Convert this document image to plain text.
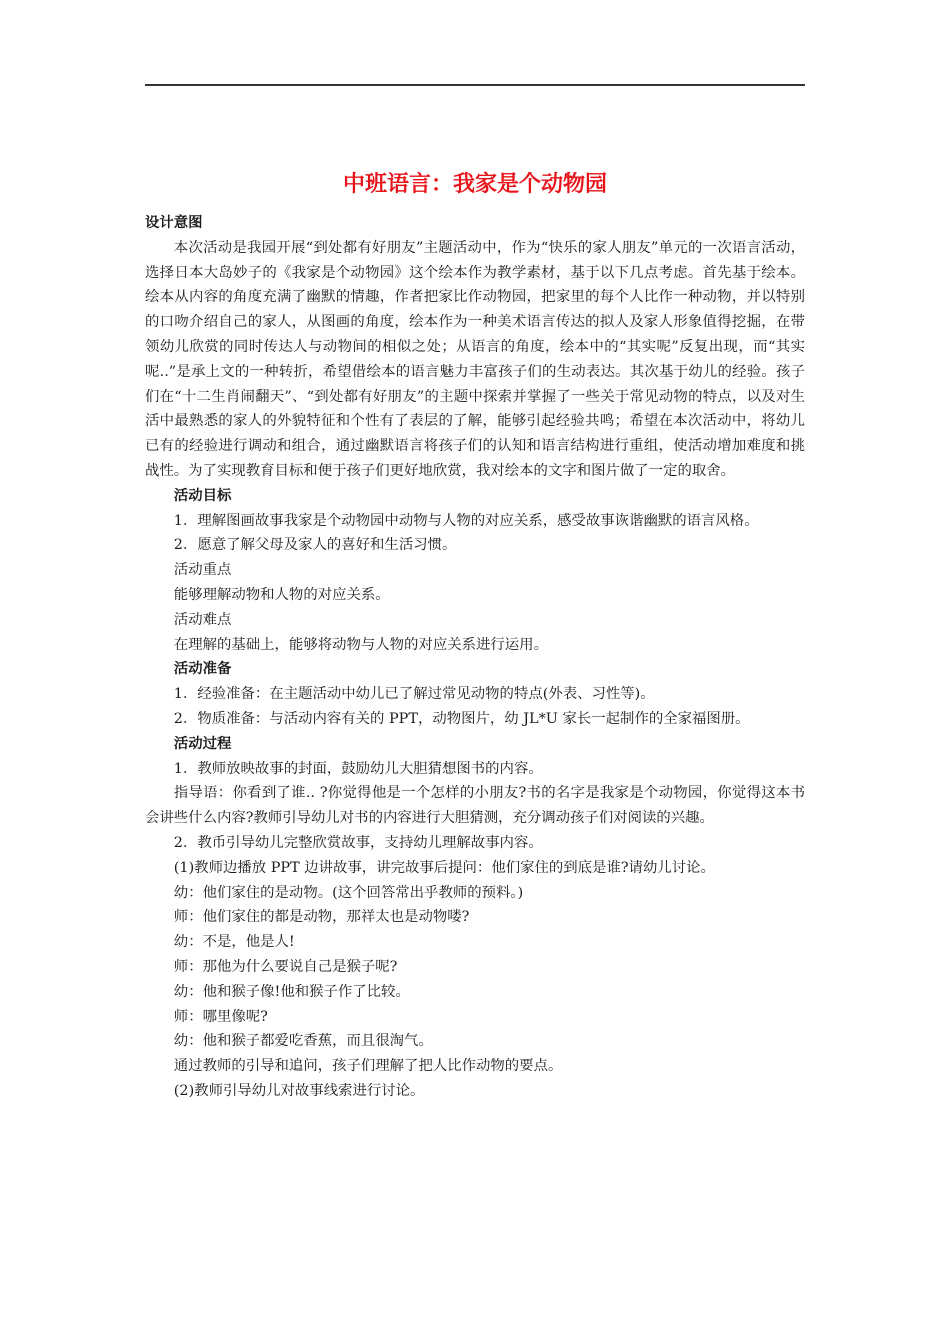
中班语言：我家是个动物园

设计意图

本次活动是我园开展“到处都有好朋友”主题活动中，作为“快乐的家人朋友”单元的一次语言活动，选择日本大岛妙子的《我家是个动物园》这个绘本作为教学素材，基于以下几点考虑。首先基于绘本。绘本从内容的角度充满了幽默的情趣，作者把家比作动物园，把家里的每个人比作一种动物，并以特别的口吻介绍自己的家人，从图画的角度，绘本作为一种美术语言传达的拟人及家人形象值得挖掘，在带领幼儿欣赏的同时传达人与动物间的相似之处；从语言的角度，绘本中的“其实呢”反复出现，而“其实呢..”是承上文的一种转折，希望借绘本的语言魅力丰富孩子们的生动表达。其次基于幼儿的经验。孩子们在“十二生肖闹翻天”、“到处都有好朋友”的主题中探索并掌握了一些关于常见动物的特点，以及对生活中最熟悉的家人的外貌特征和个性有了表层的了解，能够引起经验共鸣；希望在本次活动中，将幼儿已有的经验进行调动和组合，通过幽默语言将孩子们的认知和语言结构进行重组，使活动增加难度和挑战性。为了实现教育目标和便于孩子们更好地欣赏，我对绘本的文字和图片做了一定的取舍。

活动目标

1．理解图画故事我家是个动物园中动物与人物的对应关系，感受故事诙谐幽默的语言风格。

2．愿意了解父母及家人的喜好和生活习惯。

活动重点

能够理解动物和人物的对应关系。

活动难点

在理解的基础上，能够将动物与人物的对应关系进行运用。

活动准备

1．经验准备：在主题活动中幼儿已了解过常见动物的特点(外表、习性等)。

2．物质准备：与活动内容有关的 PPT，动物图片，幼 JL*U 家长一起制作的全家福图册。

活动过程

1．教师放映故事的封面，鼓励幼儿大胆猜想图书的内容。

指导语：你看到了谁.. ?你觉得他是一个怎样的小朋友?书的名字是我家是个动物园，你觉得这本书会讲些什么内容?教师引导幼儿对书的内容进行大胆猜测，充分调动孩子们对阅读的兴趣。

2．教币引导幼儿完整欣赏故事，支持幼儿理解故事内容。

(1)教师边播放 PPT 边讲故事，讲完故事后提问：他们家住的到底是谁?请幼儿讨论。

幼：他们家住的是动物。(这个回答常出乎教师的预料。)

师：他们家住的都是动物，那祥太也是动物喽?

幼：不是，他是人!

师：那他为什么要说自己是猴子呢?

幼：他和猴子像!他和猴子作了比较。

师：哪里像呢?

幼：他和猴子都爱吃香蕉，而且很淘气。

通过教师的引导和追问，孩子们理解了把人比作动物的要点。

(2)教师引导幼儿对故事线索进行讨论。
